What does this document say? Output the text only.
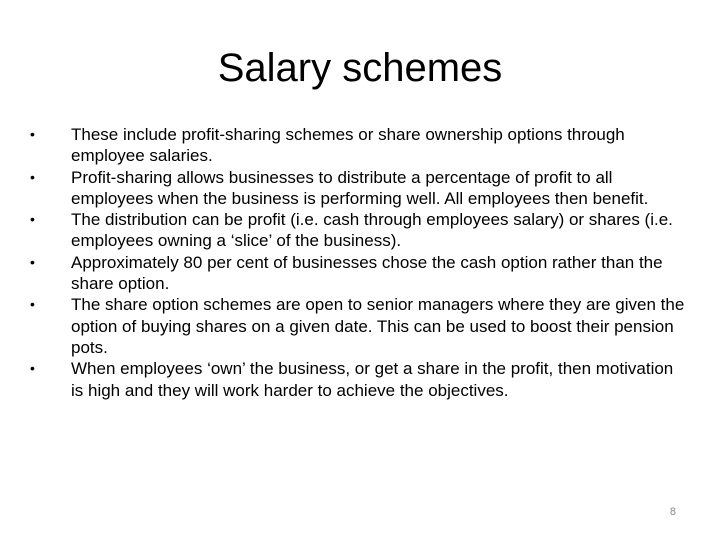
Salary schemes
•	These include profit-sharing schemes or share ownership options through employee salaries.
•	Profit-sharing allows businesses to distribute a percentage of profit to all employees when the business is performing well. All employees then benefit.
•	The distribution can be profit (i.e. cash through employees salary) or shares (i.e. employees owning a ‘slice’ of the business).
•	Approximately 80 per cent of businesses chose the cash option rather than the share option.
•	The share option schemes are open to senior managers where they are given the option of buying shares on a given date. This can be used to boost their pension pots.
•	When employees ‘own’ the business, or get a share in the profit, then motivation is high and they will work harder to achieve the objectives.
8
